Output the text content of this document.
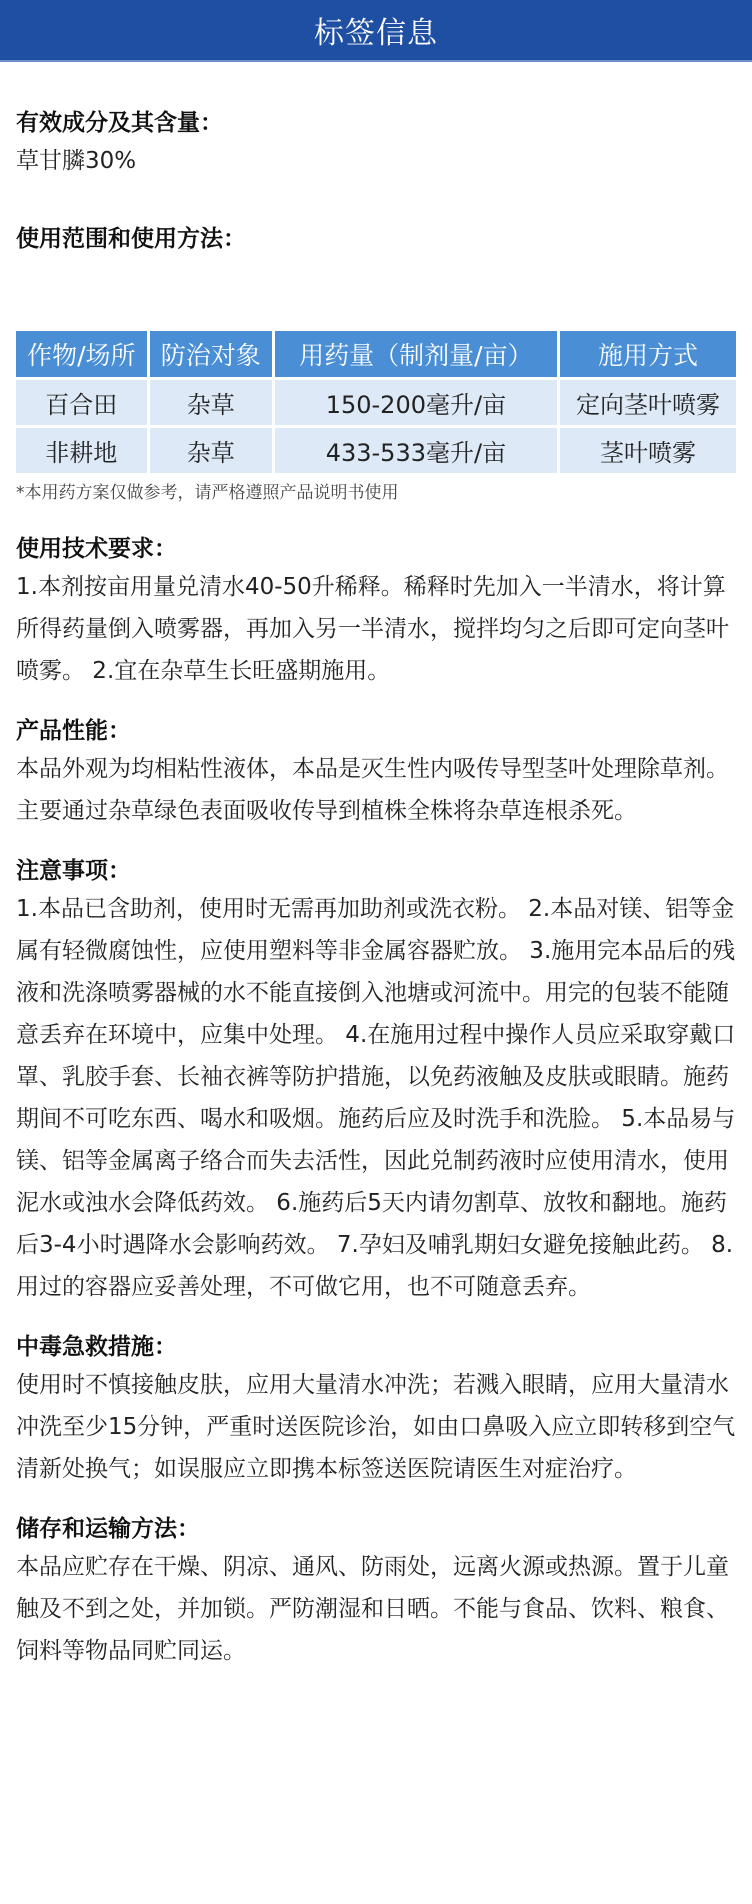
标签信息

有效成分及其含量：

草甘膦30%

使用范围和使用方法：

作物/场所	防治对象	用药量（制剂量/亩）	施用方式
百合田	杂草	150-200毫升/亩	定向茎叶喷雾
非耕地	杂草	433-533毫升/亩	茎叶喷雾

*本用药方案仅做参考，请严格遵照产品说明书使用

使用技术要求：

1.本剂按亩用量兑清水40-50升稀释。稀释时先加入一半清水，将计算所得药量倒入喷雾器，再加入另一半清水，搅拌均匀之后即可定向茎叶喷雾。 2.宜在杂草生长旺盛期施用。

产品性能：

本品外观为均相粘性液体，本品是灭生性内吸传导型茎叶处理除草剂。主要通过杂草绿色表面吸收传导到植株全株将杂草连根杀死。

注意事项：

1.本品已含助剂，使用时无需再加助剂或洗衣粉。 2.本品对镁、铝等金属有轻微腐蚀性，应使用塑料等非金属容器贮放。 3.施用完本品后的残液和洗涤喷雾器械的水不能直接倒入池塘或河流中。用完的包装不能随意丢弃在环境中，应集中处理。 4.在施用过程中操作人员应采取穿戴口罩、乳胶手套、长袖衣裤等防护措施，以免药液触及皮肤或眼睛。施药期间不可吃东西、喝水和吸烟。施药后应及时洗手和洗脸。 5.本品易与镁、铝等金属离子络合而失去活性，因此兑制药液时应使用清水，使用泥水或浊水会降低药效。 6.施药后5天内请勿割草、放牧和翻地。施药后3-4小时遇降水会影响药效。 7.孕妇及哺乳期妇女避免接触此药。 8.用过的容器应妥善处理，不可做它用，也不可随意丢弃。

中毒急救措施：

使用时不慎接触皮肤，应用大量清水冲洗；若溅入眼睛，应用大量清水冲洗至少15分钟，严重时送医院诊治，如由口鼻吸入应立即转移到空气清新处换气；如误服应立即携本标签送医院请医生对症治疗。

储存和运输方法：

本品应贮存在干燥、阴凉、通风、防雨处，远离火源或热源。置于儿童触及不到之处，并加锁。严防潮湿和日晒。不能与食品、饮料、粮食、饲料等物品同贮同运。
